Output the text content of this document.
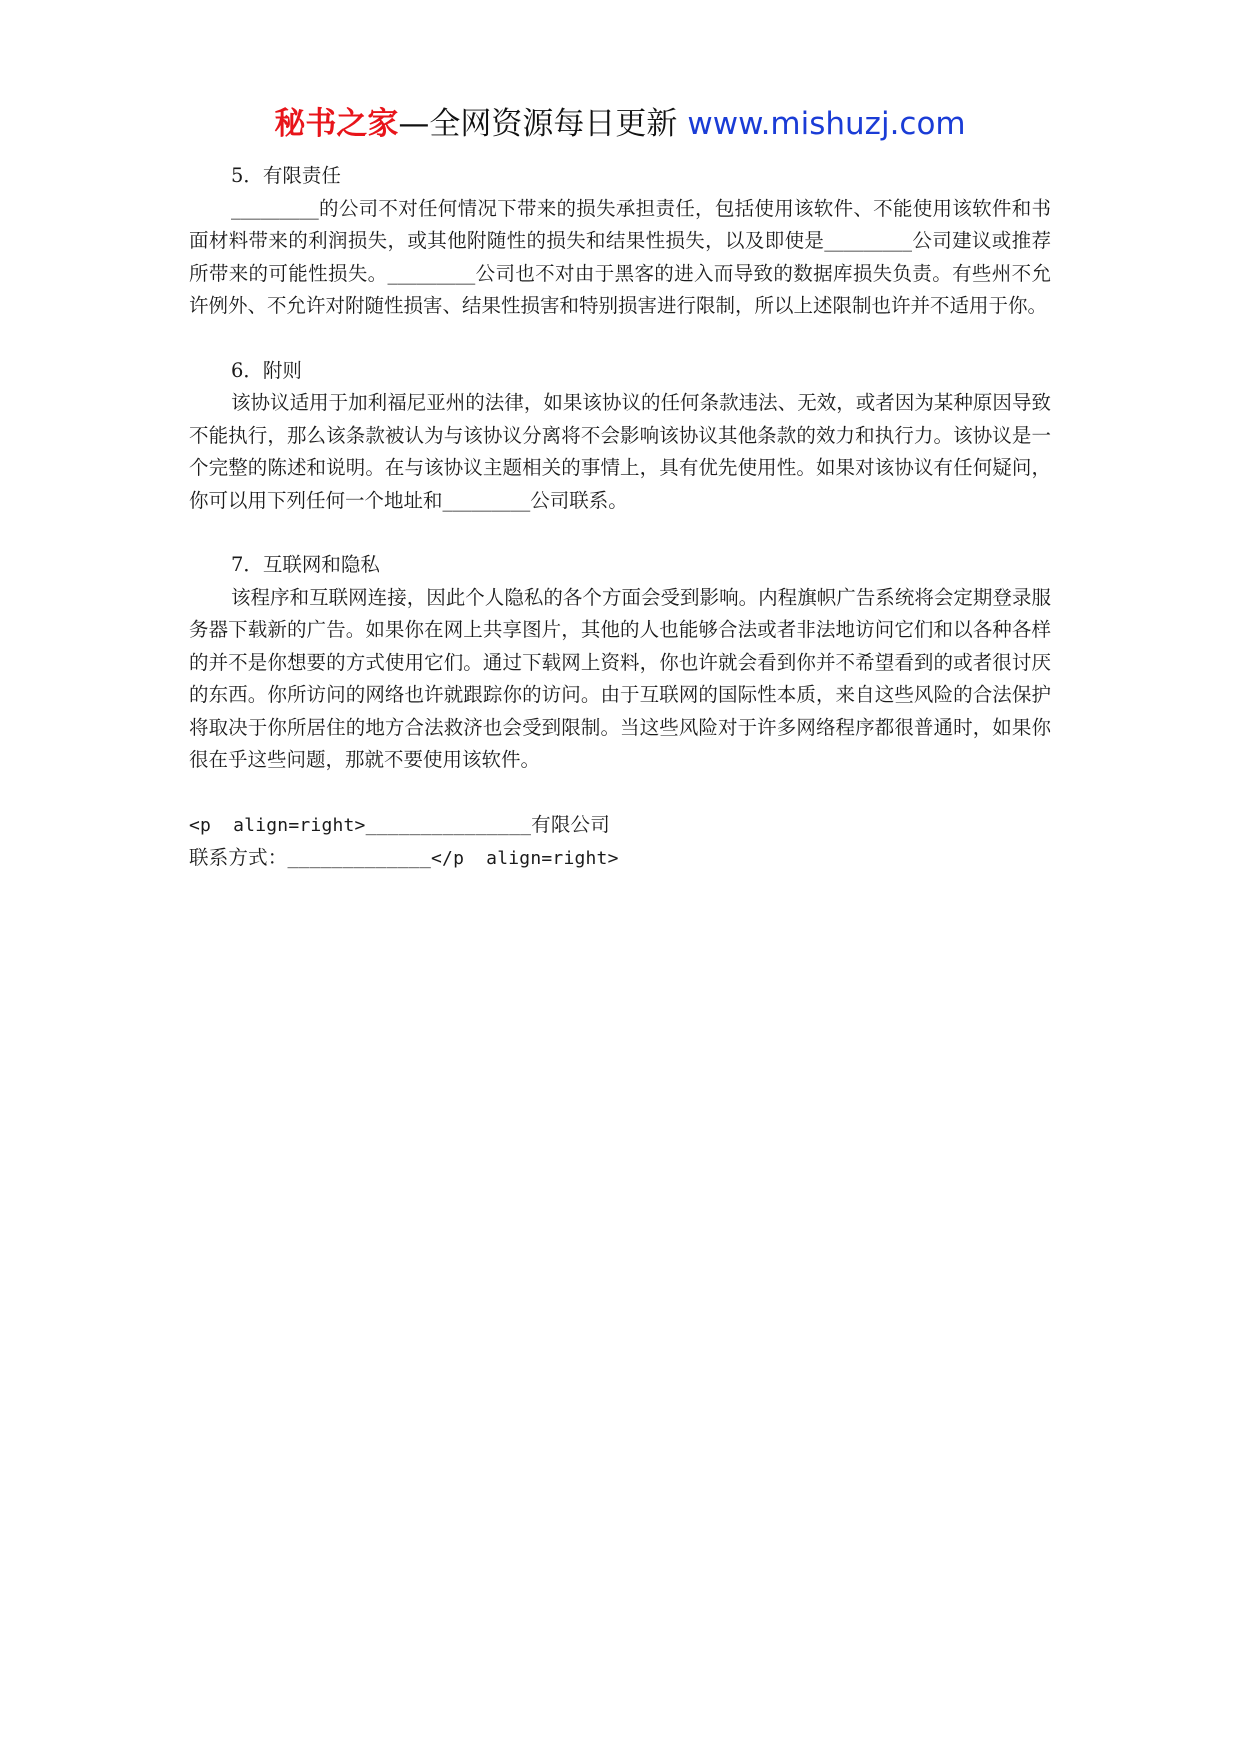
秘书之家—全网资源每日更新 www.mishuzj.com

5．有限责任

_________的公司不对任何情况下带来的损失承担责任，包括使用该软件、不能使用该软件和书面材料带来的利润损失，或其他附随性的损失和结果性损失，以及即使是_________公司建议或推荐所带来的可能性损失。_________公司也不对由于黑客的进入而导致的数据库损失负责。有些州不允许例外、不允许对附随性损害、结果性损害和特别损害进行限制，所以上述限制也许并不适用于你。

6．附则

该协议适用于加利福尼亚州的法律，如果该协议的任何条款违法、无效，或者因为某种原因导致不能执行，那么该条款被认为与该协议分离将不会影响该协议其他条款的效力和执行力。该协议是一个完整的陈述和说明。在与该协议主题相关的事情上，具有优先使用性。如果对该协议有任何疑问，你可以用下列任何一个地址和_________公司联系。

7．互联网和隐私

该程序和互联网连接，因此个人隐私的各个方面会受到影响。内程旗帜广告系统将会定期登录服务器下载新的广告。如果你在网上共享图片，其他的人也能够合法或者非法地访问它们和以各种各样的并不是你想要的方式使用它们。通过下载网上资料，你也许就会看到你并不希望看到的或者很讨厌的东西。你所访问的网络也许就跟踪你的访问。由于互联网的国际性本质，来自这些风险的合法保护将取决于你所居住的地方合法救济也会受到限制。当这些风险对于许多网络程序都很普通时，如果你很在乎这些问题，那就不要使用该软件。

<p  align=right>_______________有限公司

联系方式：_____________</p  align=right>
